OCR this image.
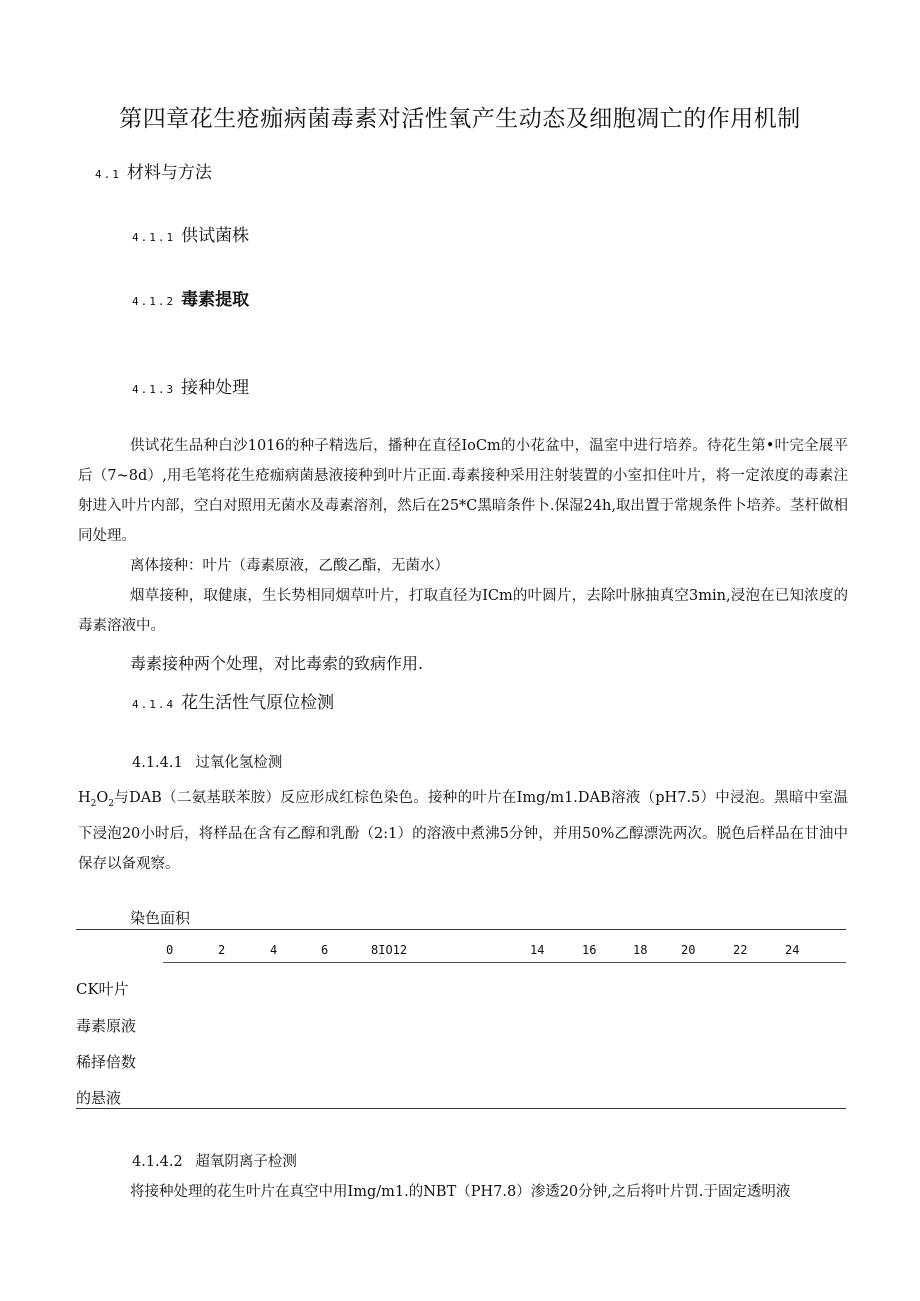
第四章花生疮痂病菌毒素对活性氧产生动态及细胞凋亡的作用机制
4.1 材料与方法
4.1.1 供试菌株
4.1.2 毒素提取
4.1.3 接种处理

供试花生品种白沙1016的种子精选后，播种在直径IoCm的小花盆中，温室中进行培养。待花生第•叶完全展平后（7~8d）,用毛笔将花生疮痂病菌悬液接种到叶片正面.毒素接种采用注射装置的小室扣住叶片，将一定浓度的毒素注射进入叶片内部，空白对照用无菌水及毒素溶剂，然后在25*C黑暗条件卜.保湿24h,取出置于常规条件卜培养。茎杆做相同处理。

离体接种：叶片（毒素原液，乙酸乙酯，无菌水）

烟草接种，取健康，生长势相同烟草叶片，打取直径为ICm的叶圆片，去除叶脉抽真空3min,浸泡在已知浓度的毒素溶液中。

毒素接种两个处理，对比毒索的致病作用.
4.1.4 花生活性气原位检测
4.1.4.1 过氧化氢检测
$H_2O_2$与DAB（二氨基联苯胺）反应形成红棕色染色。接种的叶片在Img/m1.DAB溶液（pH7.5）中浸泡。黑暗中室温下浸泡20小时后，将样品在含有乙醇和乳酚（2:1）的溶液中煮沸5分钟，并用50%乙醇漂洗两次。脱色后样品在甘油中保存以备观察。
染色面积
0	2	4	6	8IO12	14	16	18	20	22	24
CK叶片
毒素原液
稀择倍数
的悬液
4.1.4.2 超氧阴离子检测
将接种处理的花生叶片在真空中用Img/m1.的NBT（PH7.8）渗透20分钟,之后将叶片罚.于固定透明液
